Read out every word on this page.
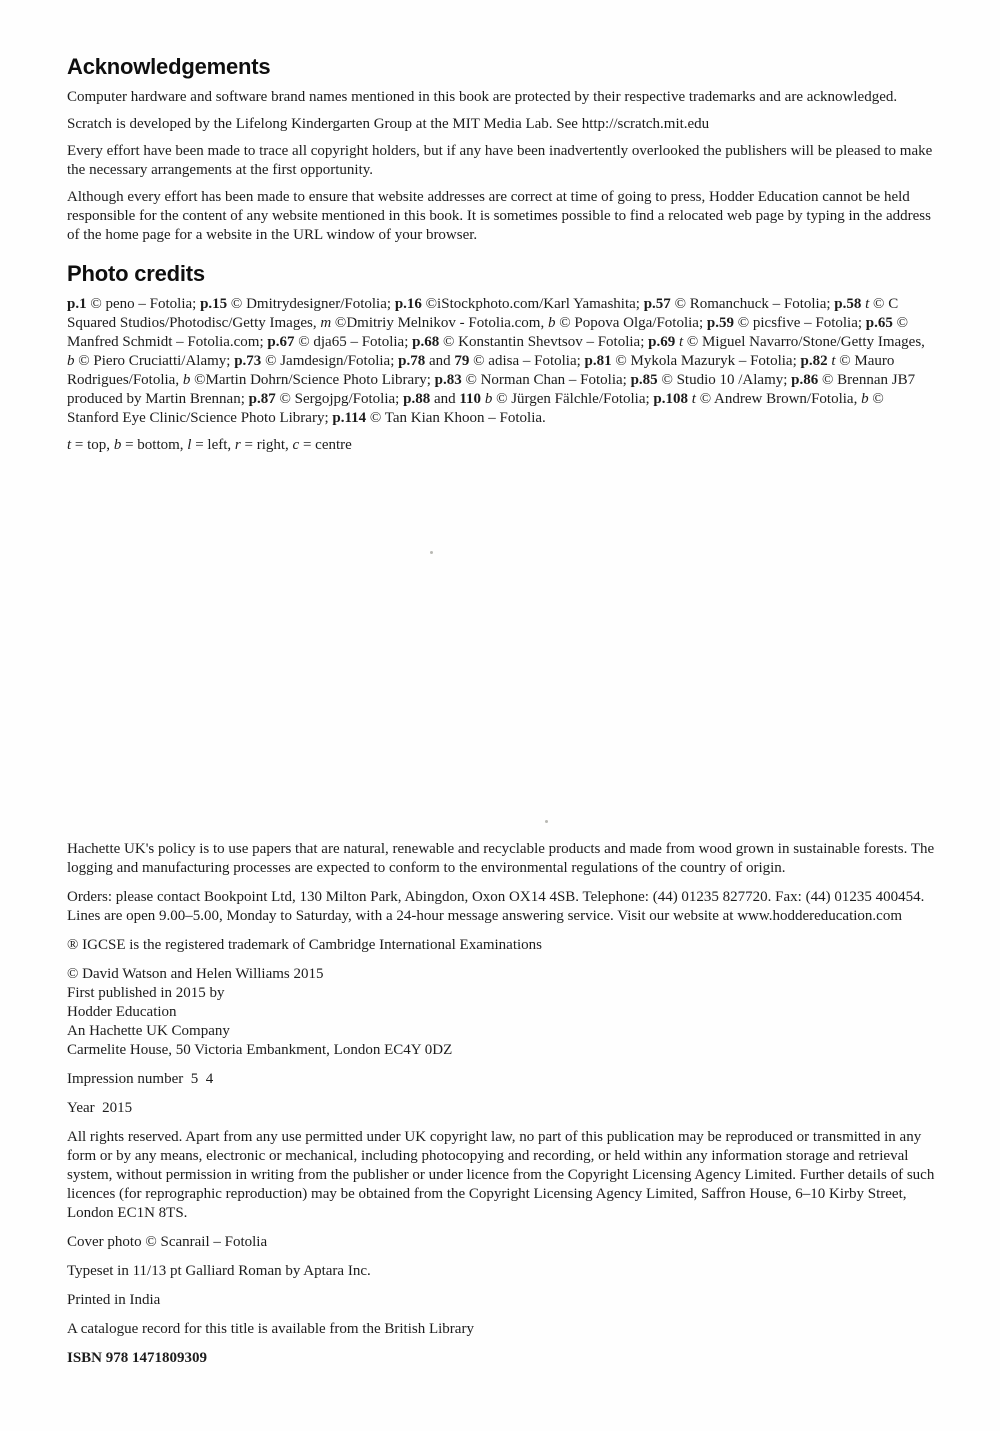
Acknowledgements

Computer hardware and software brand names mentioned in this book are protected by their respective trademarks and are acknowledged.

Scratch is developed by the Lifelong Kindergarten Group at the MIT Media Lab. See http://scratch.mit.edu

Every effort have been made to trace all copyright holders, but if any have been inadvertently overlooked the publishers will be pleased to make the necessary arrangements at the first opportunity.

Although every effort has been made to ensure that website addresses are correct at time of going to press, Hodder Education cannot be held responsible for the content of any website mentioned in this book. It is sometimes possible to find a relocated web page by typing in the address of the home page for a website in the URL window of your browser.

Photo credits

p.1 © peno – Fotolia; p.15 © Dmitrydesigner/Fotolia; p.16 ©iStockphoto.com/Karl Yamashita; p.57 © Romanchuck – Fotolia; p.58 t © C Squared Studios/Photodisc/Getty Images, m ©Dmitriy Melnikov - Fotolia.com, b © Popova Olga/Fotolia; p.59 © picsfive – Fotolia; p.65 © Manfred Schmidt – Fotolia.com; p.67 © dja65 – Fotolia; p.68 © Konstantin Shevtsov – Fotolia; p.69 t © Miguel Navarro/Stone/Getty Images, b © Piero Cruciatti/Alamy; p.73 © Jamdesign/Fotolia; p.78 and 79 © adisa – Fotolia; p.81 © Mykola Mazuryk – Fotolia; p.82 t © Mauro Rodrigues/Fotolia, b ©Martin Dohrn/Science Photo Library; p.83 © Norman Chan – Fotolia; p.85 © Studio 10 /Alamy; p.86 © Brennan JB7 produced by Martin Brennan; p.87 © Sergojpg/Fotolia; p.88 and 110 b © Jürgen Fälchle/Fotolia; p.108 t © Andrew Brown/Fotolia, b © Stanford Eye Clinic/Science Photo Library; p.114 © Tan Kian Khoon – Fotolia.

t = top, b = bottom, l = left, r = right, c = centre

Hachette UK's policy is to use papers that are natural, renewable and recyclable products and made from wood grown in sustainable forests. The logging and manufacturing processes are expected to conform to the environmental regulations of the country of origin.

Orders: please contact Bookpoint Ltd, 130 Milton Park, Abingdon, Oxon OX14 4SB. Telephone: (44) 01235 827720. Fax: (44) 01235 400454. Lines are open 9.00–5.00, Monday to Saturday, with a 24-hour message answering service. Visit our website at www.hoddereducation.com

® IGCSE is the registered trademark of Cambridge International Examinations

© David Watson and Helen Williams 2015
First published in 2015 by
Hodder Education
An Hachette UK Company
Carmelite House, 50 Victoria Embankment, London EC4Y 0DZ

Impression number  5  4

Year  2015

All rights reserved. Apart from any use permitted under UK copyright law, no part of this publication may be reproduced or transmitted in any form or by any means, electronic or mechanical, including photocopying and recording, or held within any information storage and retrieval system, without permission in writing from the publisher or under licence from the Copyright Licensing Agency Limited. Further details of such licences (for reprographic reproduction) may be obtained from the Copyright Licensing Agency Limited, Saffron House, 6–10 Kirby Street, London EC1N 8TS.

Cover photo © Scanrail – Fotolia

Typeset in 11/13 pt Galliard Roman by Aptara Inc.

Printed in India

A catalogue record for this title is available from the British Library

ISBN 978 1471809309
